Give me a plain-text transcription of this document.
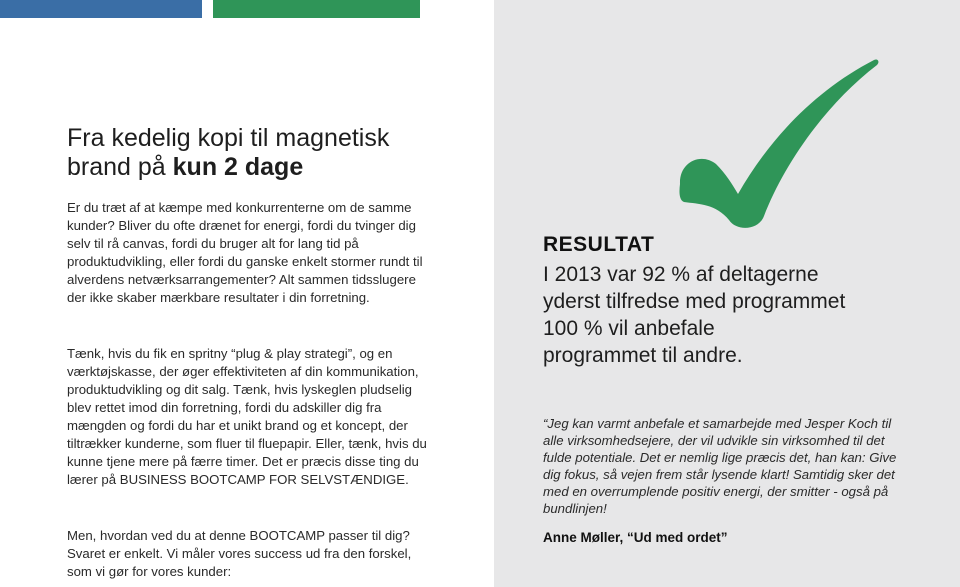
Fra kedelig kopi til magnetisk
brand på kun 2 dage

Er du træt af at kæmpe med konkurrenterne om de samme kunder? Bliver du ofte drænet for energi, fordi du tvinger dig selv til rå canvas, fordi du bruger alt for lang tid på produktudvikling, eller fordi du ganske enkelt stormer rundt til alverdens netværksarrangementer? Alt sammen tidsslugere der ikke skaber mærkbare resultater i din forretning.

Tænk, hvis du fik en spritny “plug & play strategi”, og en værktøjskasse, der øger effektiviteten af din kommunikation, produktudvikling og dit salg. Tænk, hvis lyskeglen pludselig blev rettet imod din forretning, fordi du adskiller dig fra mængden og fordi du har et unikt brand og et koncept, der tiltrækker kunderne, som fluer til fluepapir. Eller, tænk, hvis du kunne tjene mere på færre timer. Det er præcis disse ting du lærer på BUSINESS BOOTCAMP FOR SELVSTÆNDIGE.

Men, hvordan ved du at denne BOOTCAMP passer til dig? Svaret er enkelt. Vi måler vores success ud fra den forskel, som vi gør for vores kunder:

RESULTAT

I 2013 var 92 % af deltagerne

yderst tilfredse med programmet

100 % vil anbefale

programmet til andre.

“Jeg kan varmt anbefale et samarbejde med Jesper Koch til alle virksomhedsejere, der vil udvikle sin virksomhed til det fulde potentiale. Det er nemlig lige præcis det, han kan: Give dig fokus, så vejen frem står lysende klart! Samtidig sker det med en overrumplende positiv energi, der smitter - også på bundlinjen!

Anne Møller, “Ud med ordet”
